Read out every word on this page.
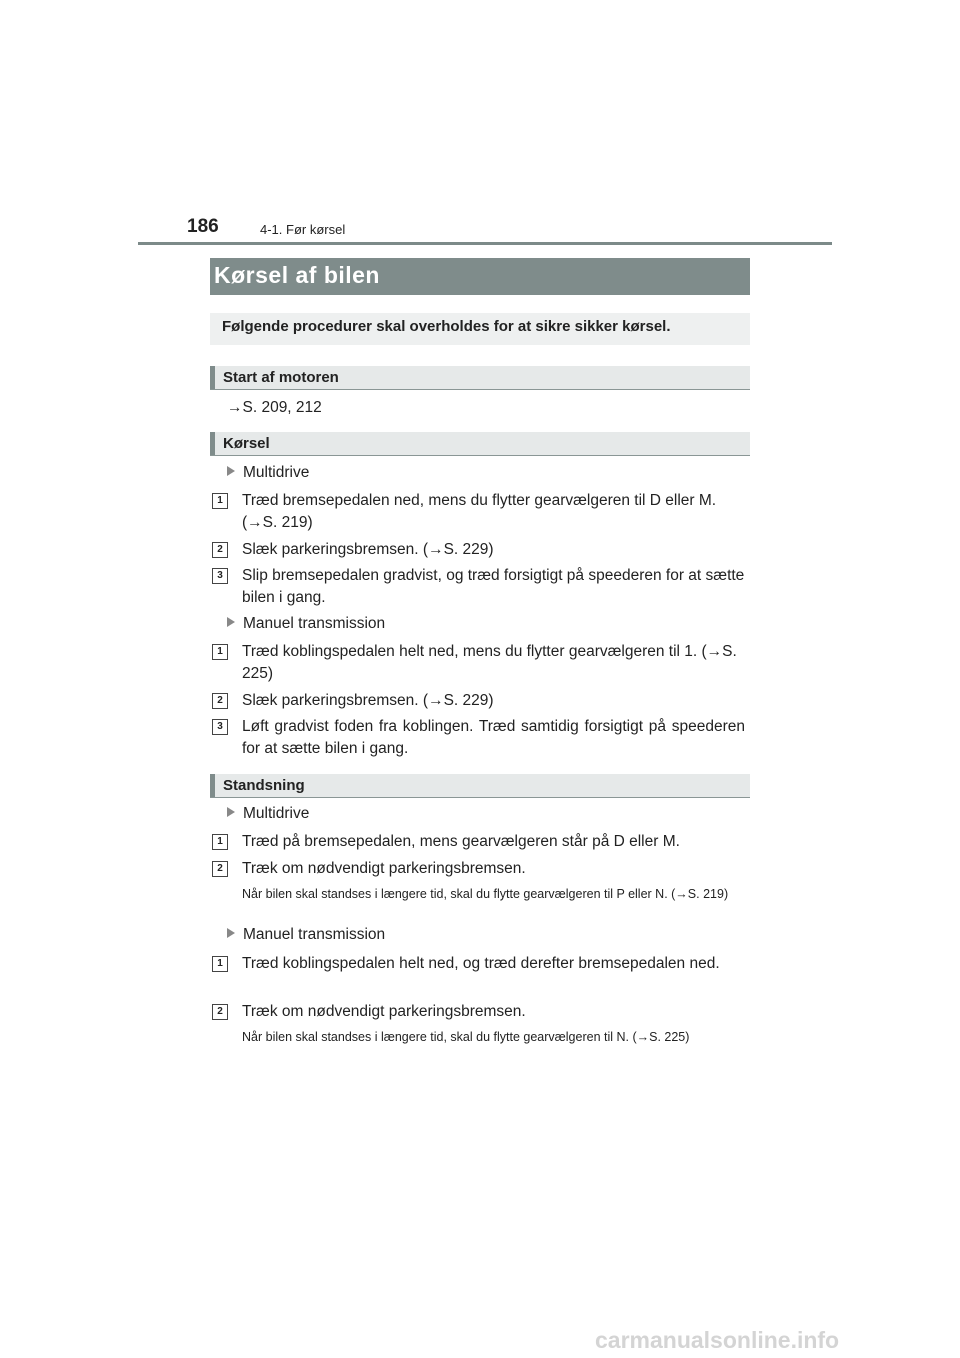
186	4-1. Før kørsel
Kørsel af bilen
Følgende procedurer skal overholdes for at sikre sikker kørsel.
Start af motoren
→S. 209, 212
Kørsel
Multidrive
1	Træd bremsepedalen ned, mens du flytter gearvælgeren til D eller M. (→S. 219)
2	Slæk parkeringsbremsen. (→S. 229)
3	Slip bremsepedalen gradvist, og træd forsigtigt på speederen for at sætte bilen i gang.
Manuel transmission
1	Træd koblingspedalen helt ned, mens du flytter gearvælgeren til 1. (→S. 225)
2	Slæk parkeringsbremsen. (→S. 229)
3	Løft gradvist foden fra koblingen. Træd samtidig forsigtigt på speederen for at sætte bilen i gang.
Standsning
Multidrive
1	Træd på bremsepedalen, mens gearvælgeren står på D eller M.
2	Træk om nødvendigt parkeringsbremsen.
Når bilen skal standses i længere tid, skal du flytte gearvælgeren til P eller N. (→S. 219)
Manuel transmission
1	Træd koblingspedalen helt ned, og træd derefter bremsepedalen ned.
2	Træk om nødvendigt parkeringsbremsen.
Når bilen skal standses i længere tid, skal du flytte gearvælgeren til N. (→S. 225)
carmanualsonline.info
